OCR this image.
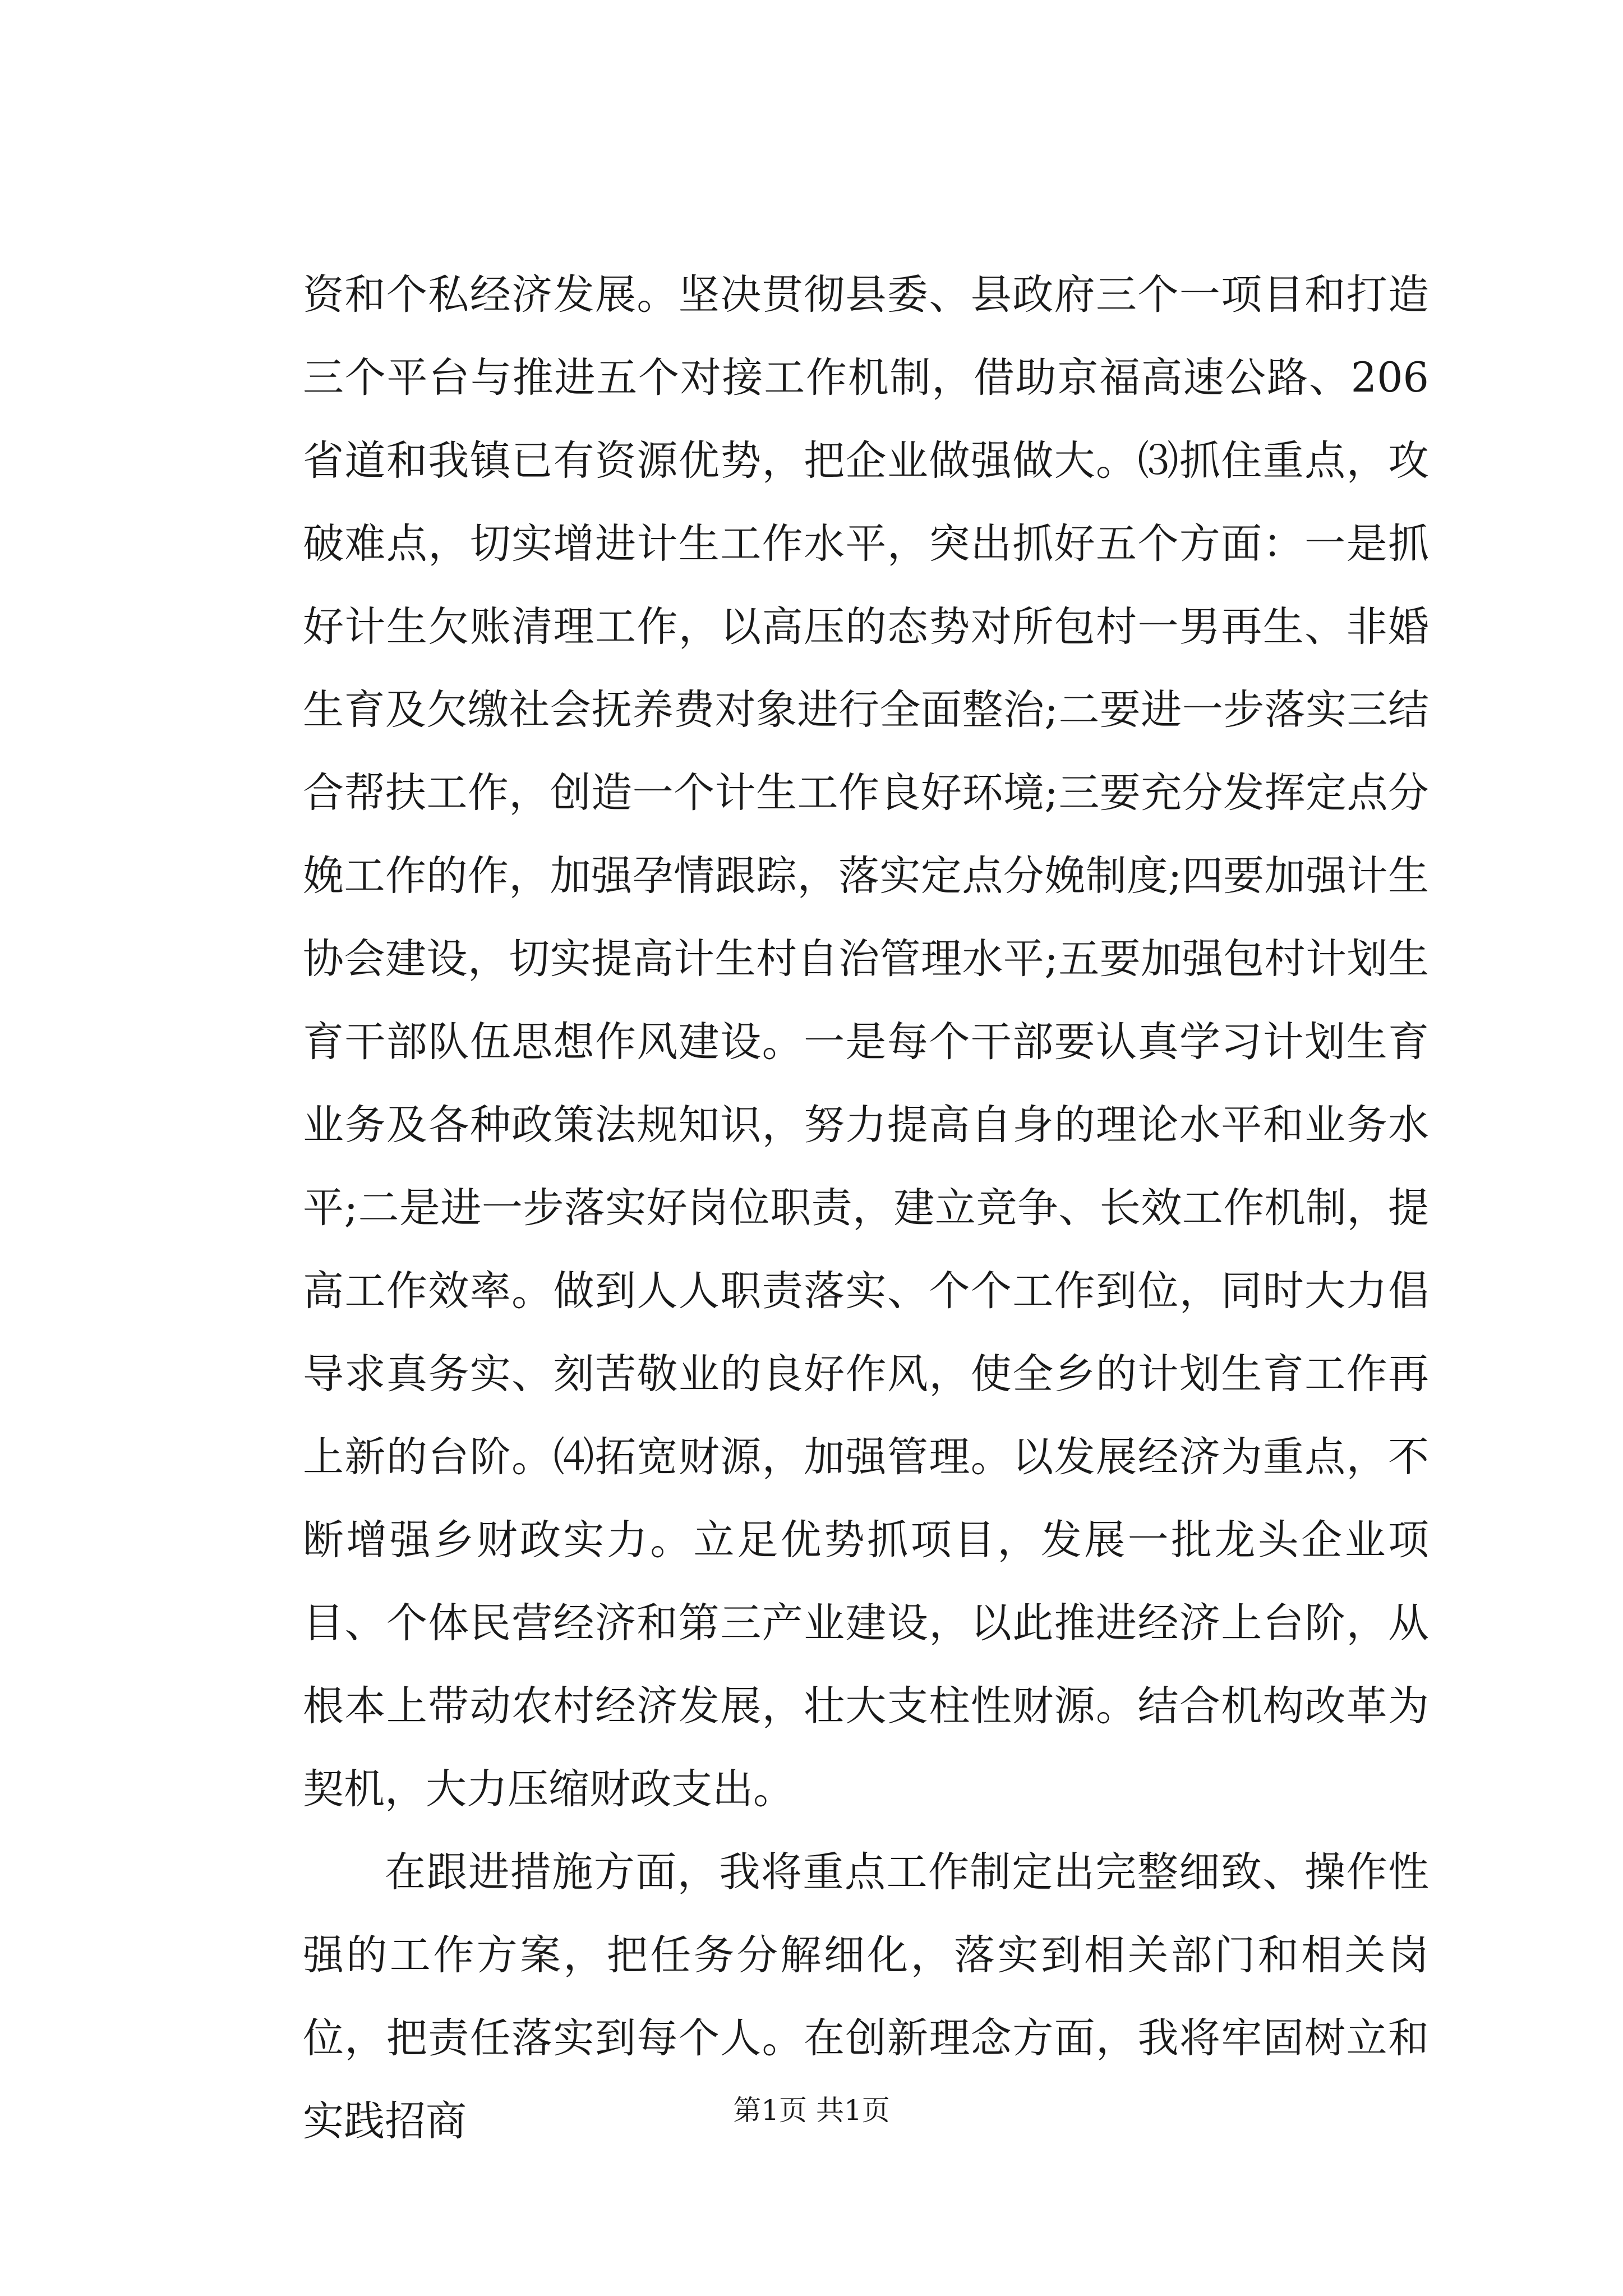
资和个私经济发展。坚决贯彻县委、县政府三个一项目和打造三个平台与推进五个对接工作机制，借助京福高速公路、206省道和我镇已有资源优势，把企业做强做大。⑶抓住重点，攻破难点，切实增进计生工作水平，突出抓好五个方面：一是抓好计生欠账清理工作，以高压的态势对所包村一男再生、非婚生育及欠缴社会抚养费对象进行全面整治;二要进一步落实三结合帮扶工作，创造一个计生工作良好环境;三要充分发挥定点分娩工作的作，加强孕情跟踪，落实定点分娩制度;四要加强计生协会建设，切实提高计生村自治管理水平;五要加强包村计划生育干部队伍思想作风建设。一是每个干部要认真学习计划生育业务及各种政策法规知识，努力提高自身的理论水平和业务水平;二是进一步落实好岗位职责，建立竞争、长效工作机制，提高工作效率。做到人人职责落实、个个工作到位，同时大力倡导求真务实、刻苦敬业的良好作风，使全乡的计划生育工作再上新的台阶。⑷拓宽财源，加强管理。以发展经济为重点，不断增强乡财政实力。立足优势抓项目，发展一批龙头企业项目、个体民营经济和第三产业建设，以此推进经济上台阶，从根本上带动农村经济发展，壮大支柱性财源。结合机构改革为契机，大力压缩财政支出。

在跟进措施方面，我将重点工作制定出完整细致、操作性强的工作方案，把任务分解细化，落实到相关部门和相关岗位，把责任落实到每个人。在创新理念方面，我将牢固树立和实践招商	第1页 共1页
